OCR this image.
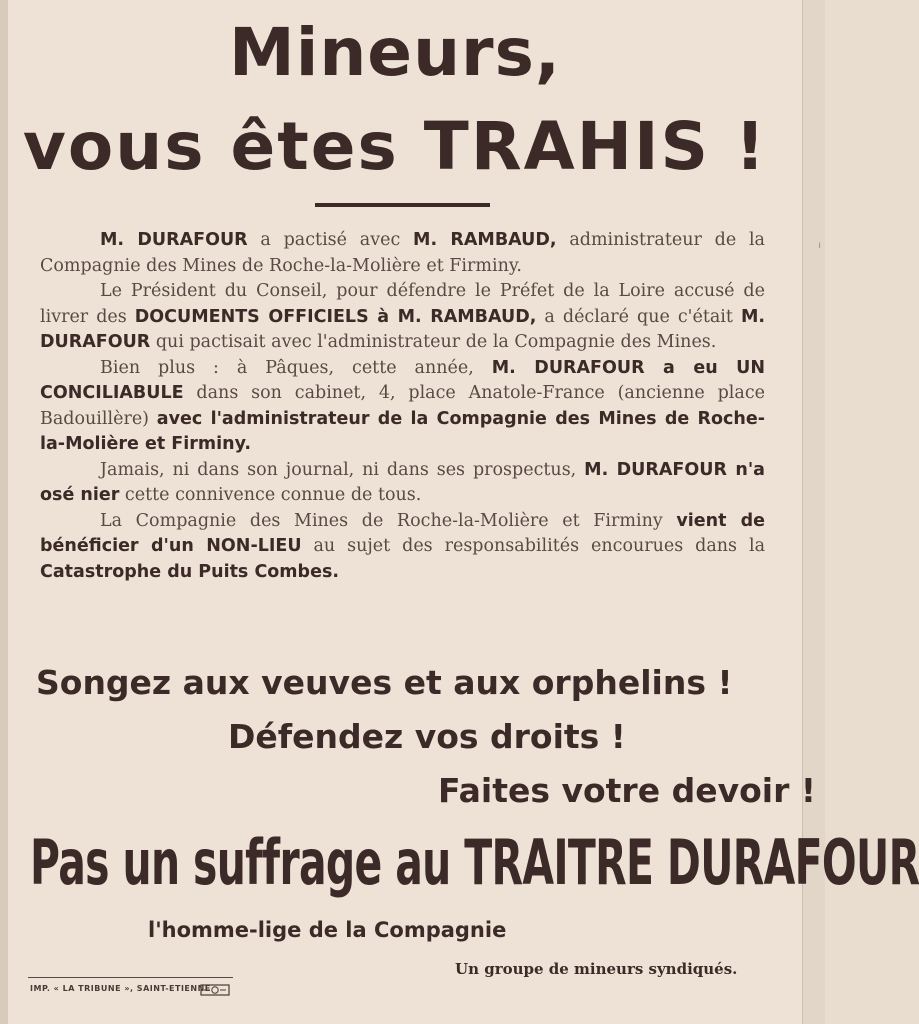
ı
Mineurs,
vous êtes TRAHIS !

M. DURAFOUR a pactisé avec M. RAMBAUD, administrateur de la Compagnie des Mines de Roche-la-Molière et Firminy.

Le Président du Conseil, pour défendre le Préfet de la Loire accusé de livrer des DOCUMENTS OFFICIELS à M. RAMBAUD, a déclaré que c'était M. DURAFOUR qui pactisait avec l'administrateur de la Compagnie des Mines.

Bien plus : à Pâques, cette année, M. DURAFOUR a eu UN CONCILIABULE dans son cabinet, 4, place Anatole-France (ancienne place Badouillère) avec l'administrateur de la Compagnie des Mines de Roche-la-Molière et Firminy.

Jamais, ni dans son journal, ni dans ses prospectus, M. DURAFOUR n'a osé nier cette connivence connue de tous.

La Compagnie des Mines de Roche-la-Molière et Firminy vient de bénéficier d'un NON-LIEU au sujet des responsabilités encourues dans la Catastrophe du Puits Combes.

Songez aux veuves et aux orphelins !
Défendez vos droits !
Faites votre devoir !
Pas un suffrage au TRAITRE DURAFOUR
l'homme-lige de la Compagnie
IMP. « LA TRIBUNE », SAINT-ETIENNE
Un groupe de mineurs syndiqués.
